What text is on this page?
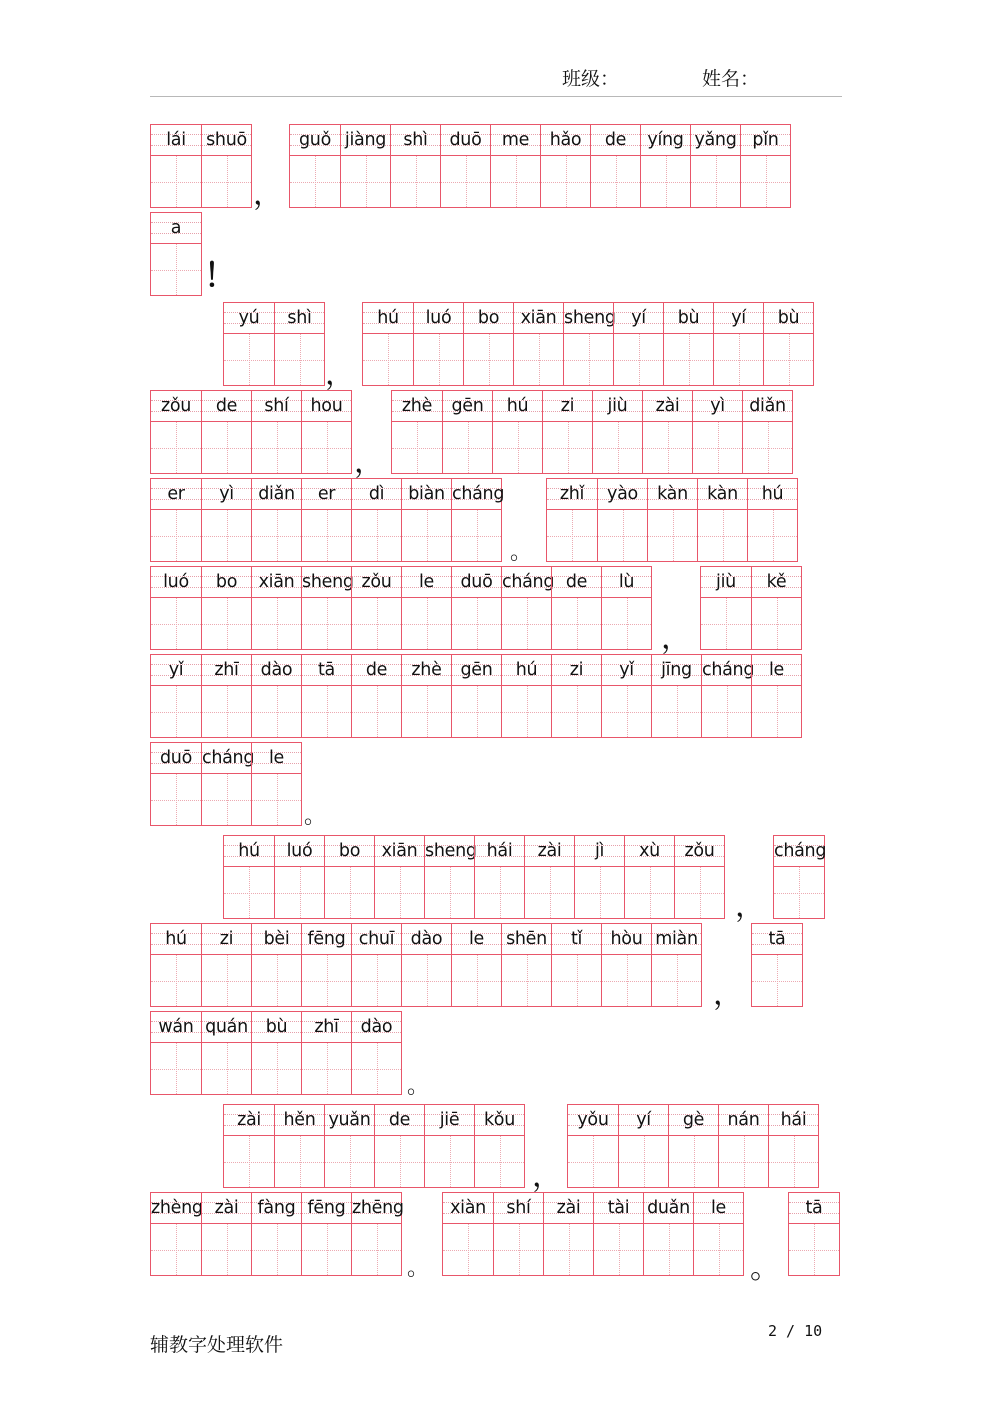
班级：	姓名：
lái	shuō	guǒ jiàng shì	duō	me	hǎo	de	yíng yǎng pǐn
a
yú	shì	hú	luó	bo	xiān sheng yí	bù	yí	bù
zǒu	de	shí	hou	zhè	gēn	hú	zi	jiù	zài	yì	diǎn
er	yì	diǎn	er	dì	biàn cháng	zhǐ	yào	kàn	kàn	hú
luó	bo	xiān sheng zǒu	le	duō cháng de	lù	jiù	kě
yǐ	zhī	dào	tā	de	zhè	gēn	hú	zi	yǐ	jīng cháng le
duō cháng le
hú	luó	bo	xiān sheng hái	zài	jì	xù	zǒu	cháng
hú	zi	bèi	fēng chuī dào	le	shēn	tǐ	hòu miàn	tā
wán quán	bù	zhī	dào
zài	hěn yuǎn	de	jiē	kǒu	yǒu	yí	gè	nán	hái
zhèng zài	fàng fēng zhēng	xiàn	shí	zài	tài	duǎn	le	tā
，
！
，
，
。
，
。
，
，
。
，
。	。
辅教字处理软件
2 / 10
